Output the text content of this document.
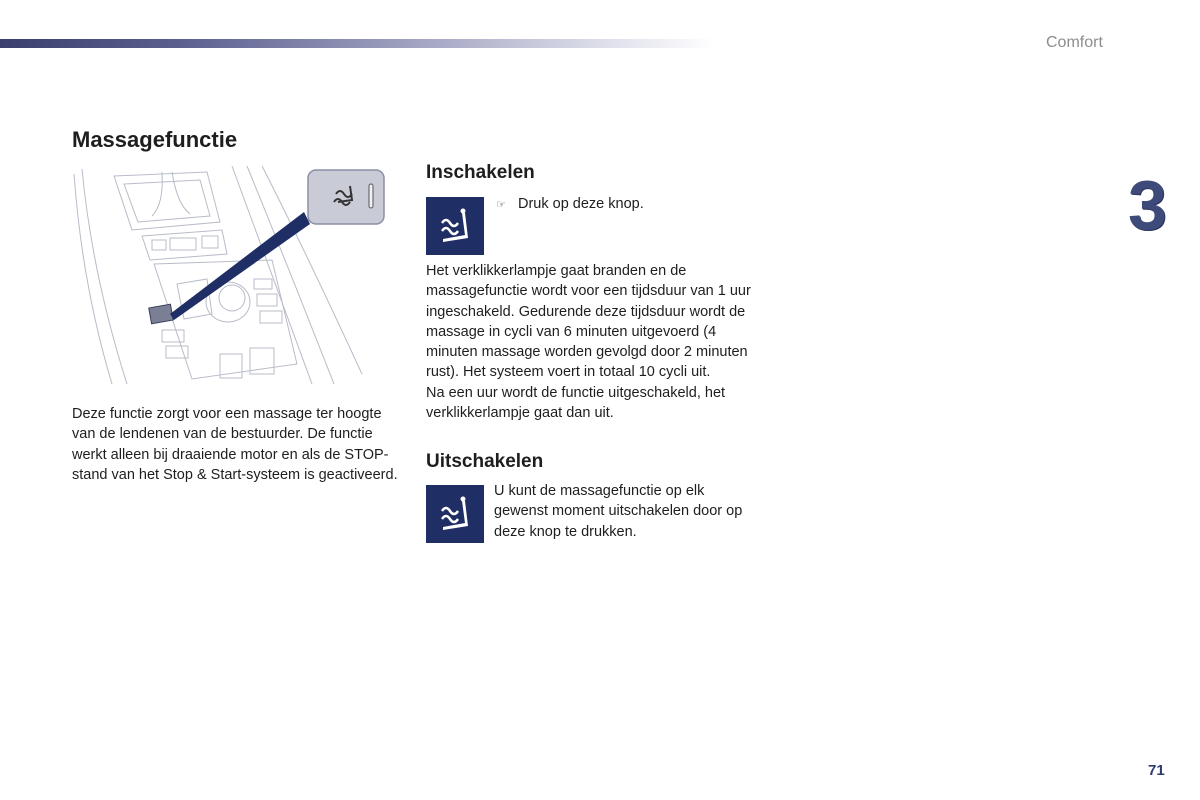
Comfort
3
Massagefunctie
Deze functie zorgt voor een massage ter hoogte van de lendenen van de bestuurder. De functie werkt alleen bij draaiende motor en als de STOP-stand van het Stop & Start-systeem is geactiveerd.
Inschakelen
☞ Druk op deze knop.
Het verklikkerlampje gaat branden en de massagefunctie wordt voor een tijdsduur van 1 uur ingeschakeld. Gedurende deze tijdsduur wordt de massage in cycli van 6 minuten uitgevoerd (4 minuten massage worden gevolgd door 2 minuten rust). Het systeem voert in totaal 10 cycli uit.
Na een uur wordt de functie uitgeschakeld, het verklikkerlampje gaat dan uit.
Uitschakelen
U kunt de massagefunctie op elk gewenst moment uitschakelen door op deze knop te drukken.
71
